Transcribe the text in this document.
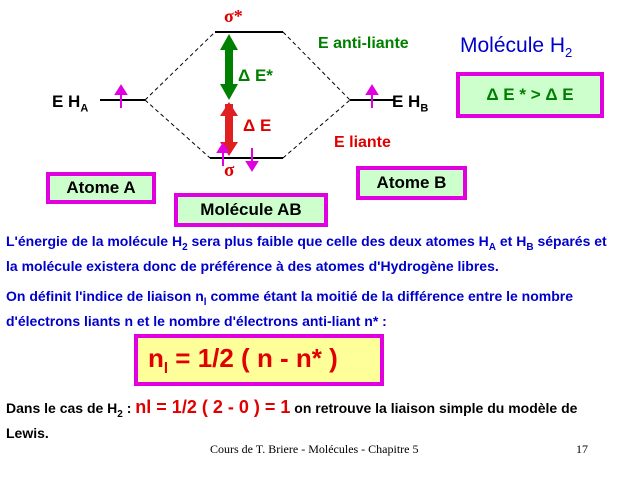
σ*
Δ E*
Δ E
σ
E anti-liante
E liante
E $H_A$	E $H_B$
Molécule $H_2$
Δ E * > Δ E
Atome A
Molécule AB
Atome B
L'énergie de la molécule $H_2$ sera plus faible que celle des deux atomes $H_A$ et $H_B$ séparés et la molécule existera donc de préférence à des atomes d'Hydrogène libres.
On définit l'indice de liaison $n_l$ comme étant la moitié de la différence entre le nombre d'électrons liants n et le nombre d'électrons anti-liant n* :
$n_l = 1/2$ ( n - n* )
Dans le cas de $H_2$ : nl = 1/2 ( 2 - 0 ) = 1 on retrouve la liaison simple du modèle de Lewis.
Cours de T. Briere - Molécules - Chapitre 5	17
